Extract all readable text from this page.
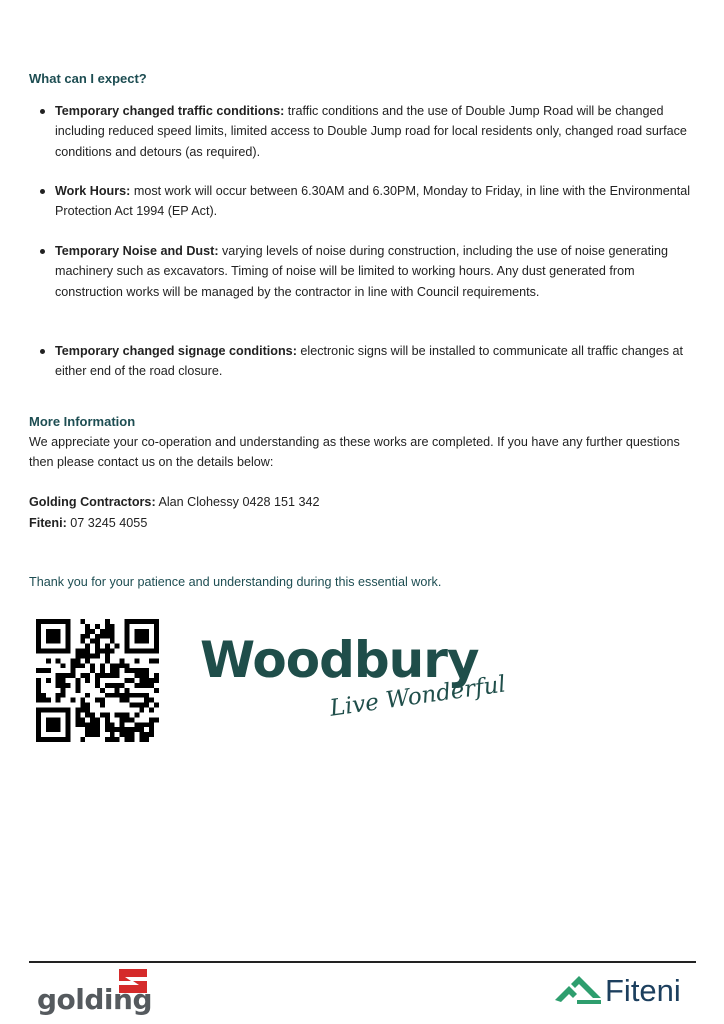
What can I expect?
Temporary changed traffic conditions: traffic conditions and the use of Double Jump Road will be changed including reduced speed limits, limited access to Double Jump road for local residents only, changed road surface conditions and detours (as required).
Work Hours: most work will occur between 6.30AM and 6.30PM, Monday to Friday, in line with the Environmental Protection Act 1994 (EP Act).
Temporary Noise and Dust: varying levels of noise during construction, including the use of noise generating machinery such as excavators. Timing of noise will be limited to working hours. Any dust generated from construction works will be managed by the contractor in line with Council requirements.
Temporary changed signage conditions: electronic signs will be installed to communicate all traffic changes at either end of the road closure.
More Information

We appreciate your co-operation and understanding as these works are completed. If you have any further questions then please contact us on the details below:

Golding Contractors: Alan Clohessy 0428 151 342

Fiteni: 07 3245 4055

Thank you for your patience and understanding during this essential work.

Woodbury
Live Wonderful
golding	Fiteni
